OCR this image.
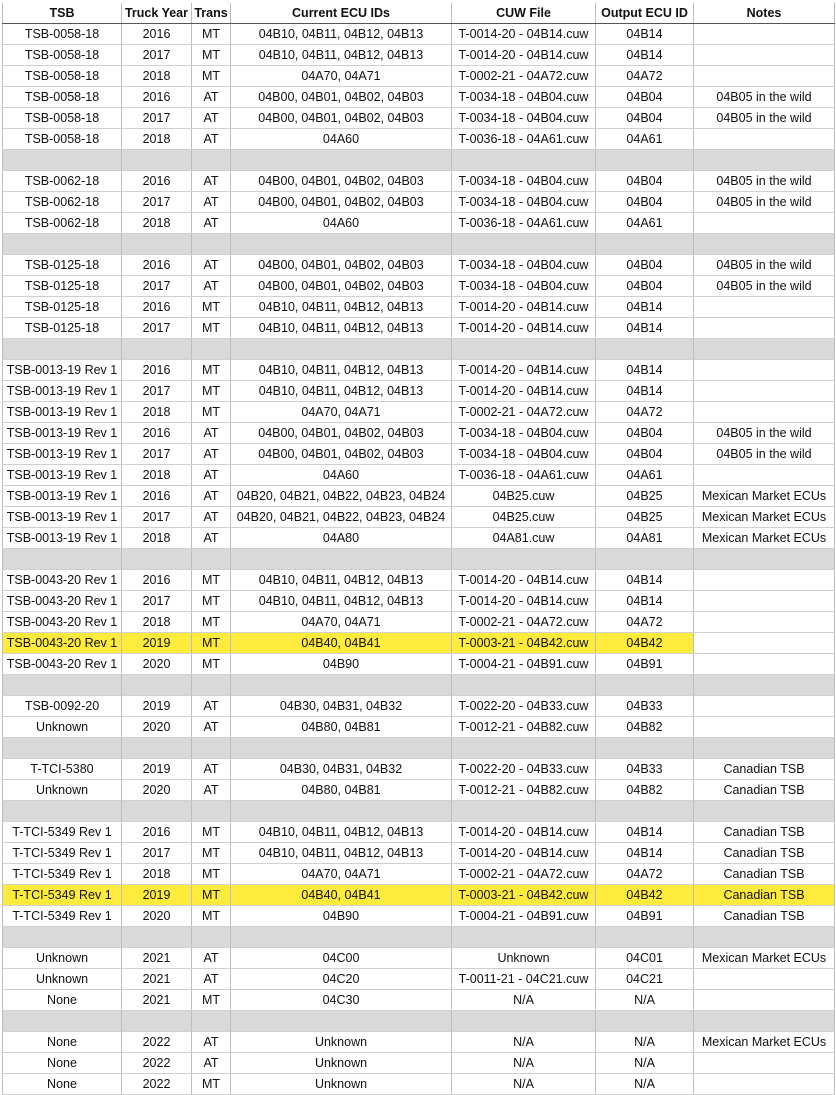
TSB	Truck Year	Trans	Current ECU IDs	CUW File	Output ECU ID	Notes
TSB-0058-18	2016	MT	04B10, 04B11, 04B12, 04B13	T-0014-20 - 04B14.cuw	04B14	
TSB-0058-18	2017	MT	04B10, 04B11, 04B12, 04B13	T-0014-20 - 04B14.cuw	04B14	
TSB-0058-18	2018	MT	04A70, 04A71	T-0002-21 - 04A72.cuw	04A72	
TSB-0058-18	2016	AT	04B00, 04B01, 04B02, 04B03	T-0034-18 - 04B04.cuw	04B04	04B05 in the wild
TSB-0058-18	2017	AT	04B00, 04B01, 04B02, 04B03	T-0034-18 - 04B04.cuw	04B04	04B05 in the wild
TSB-0058-18	2018	AT	04A60	T-0036-18 - 04A61.cuw	04A61	

TSB-0062-18	2016	AT	04B00, 04B01, 04B02, 04B03	T-0034-18 - 04B04.cuw	04B04	04B05 in the wild
TSB-0062-18	2017	AT	04B00, 04B01, 04B02, 04B03	T-0034-18 - 04B04.cuw	04B04	04B05 in the wild
TSB-0062-18	2018	AT	04A60	T-0036-18 - 04A61.cuw	04A61	

TSB-0125-18	2016	AT	04B00, 04B01, 04B02, 04B03	T-0034-18 - 04B04.cuw	04B04	04B05 in the wild
TSB-0125-18	2017	AT	04B00, 04B01, 04B02, 04B03	T-0034-18 - 04B04.cuw	04B04	04B05 in the wild
TSB-0125-18	2016	MT	04B10, 04B11, 04B12, 04B13	T-0014-20 - 04B14.cuw	04B14	
TSB-0125-18	2017	MT	04B10, 04B11, 04B12, 04B13	T-0014-20 - 04B14.cuw	04B14	

TSB-0013-19 Rev 1	2016	MT	04B10, 04B11, 04B12, 04B13	T-0014-20 - 04B14.cuw	04B14	
TSB-0013-19 Rev 1	2017	MT	04B10, 04B11, 04B12, 04B13	T-0014-20 - 04B14.cuw	04B14	
TSB-0013-19 Rev 1	2018	MT	04A70, 04A71	T-0002-21 - 04A72.cuw	04A72	
TSB-0013-19 Rev 1	2016	AT	04B00, 04B01, 04B02, 04B03	T-0034-18 - 04B04.cuw	04B04	04B05 in the wild
TSB-0013-19 Rev 1	2017	AT	04B00, 04B01, 04B02, 04B03	T-0034-18 - 04B04.cuw	04B04	04B05 in the wild
TSB-0013-19 Rev 1	2018	AT	04A60	T-0036-18 - 04A61.cuw	04A61	
TSB-0013-19 Rev 1	2016	AT	04B20, 04B21, 04B22, 04B23, 04B24	04B25.cuw	04B25	Mexican Market ECUs
TSB-0013-19 Rev 1	2017	AT	04B20, 04B21, 04B22, 04B23, 04B24	04B25.cuw	04B25	Mexican Market ECUs
TSB-0013-19 Rev 1	2018	AT	04A80	04A81.cuw	04A81	Mexican Market ECUs

TSB-0043-20 Rev 1	2016	MT	04B10, 04B11, 04B12, 04B13	T-0014-20 - 04B14.cuw	04B14	
TSB-0043-20 Rev 1	2017	MT	04B10, 04B11, 04B12, 04B13	T-0014-20 - 04B14.cuw	04B14	
TSB-0043-20 Rev 1	2018	MT	04A70, 04A71	T-0002-21 - 04A72.cuw	04A72	
TSB-0043-20 Rev 1	2019	MT	04B40, 04B41	T-0003-21 - 04B42.cuw	04B42	
TSB-0043-20 Rev 1	2020	MT	04B90	T-0004-21 - 04B91.cuw	04B91	

TSB-0092-20	2019	AT	04B30, 04B31, 04B32	T-0022-20 - 04B33.cuw	04B33	
Unknown	2020	AT	04B80, 04B81	T-0012-21 - 04B82.cuw	04B82	

T-TCI-5380	2019	AT	04B30, 04B31, 04B32	T-0022-20 - 04B33.cuw	04B33	Canadian TSB
Unknown	2020	AT	04B80, 04B81	T-0012-21 - 04B82.cuw	04B82	Canadian TSB

T-TCI-5349 Rev 1	2016	MT	04B10, 04B11, 04B12, 04B13	T-0014-20 - 04B14.cuw	04B14	Canadian TSB
T-TCI-5349 Rev 1	2017	MT	04B10, 04B11, 04B12, 04B13	T-0014-20 - 04B14.cuw	04B14	Canadian TSB
T-TCI-5349 Rev 1	2018	MT	04A70, 04A71	T-0002-21 - 04A72.cuw	04A72	Canadian TSB
T-TCI-5349 Rev 1	2019	MT	04B40, 04B41	T-0003-21 - 04B42.cuw	04B42	Canadian TSB
T-TCI-5349 Rev 1	2020	MT	04B90	T-0004-21 - 04B91.cuw	04B91	Canadian TSB

Unknown	2021	AT	04C00	Unknown	04C01	Mexican Market ECUs
Unknown	2021	AT	04C20	T-0011-21 - 04C21.cuw	04C21	
None	2021	MT	04C30	N/A	N/A	

None	2022	AT	Unknown	N/A	N/A	Mexican Market ECUs
None	2022	AT	Unknown	N/A	N/A	
None	2022	MT	Unknown	N/A	N/A	
